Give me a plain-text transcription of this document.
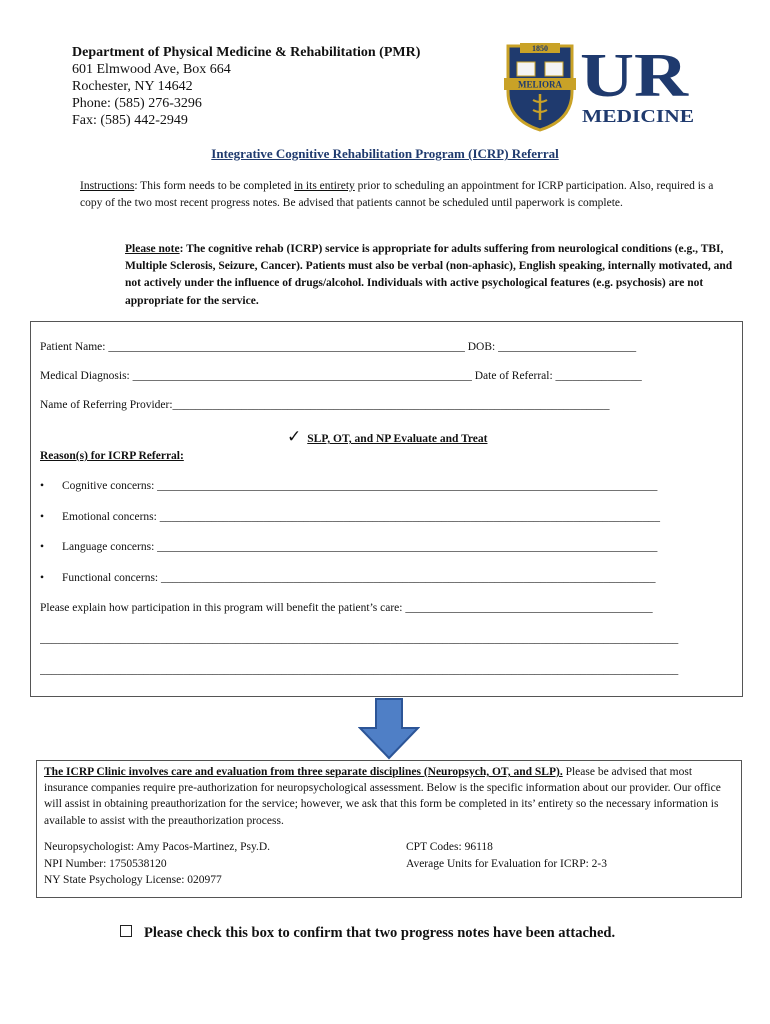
Department of Physical Medicine & Rehabilitation (PMR)
601 Elmwood Ave, Box 664
Rochester, NY 14642
Phone: (585) 276-3296
Fax: (585) 442-2949
1850
MELIORA UR
MEDICINE
Integrative Cognitive Rehabilitation Program (ICRP) Referral
Instructions: This form needs to be completed in its entirety prior to scheduling an appointment for ICRP participation. Also, required is a copy of the two most recent progress notes. Be advised that patients cannot be scheduled until paperwork is complete.
Please note: The cognitive rehab (ICRP) service is appropriate for adults suffering from neurological conditions (e.g., TBI, Multiple Sclerosis, Seizure, Cancer). Patients must also be verbal (non-aphasic), English speaking, internally motivated, and not actively under the influence of drugs/alcohol. Individuals with active psychological features (e.g. psychosis) are not appropriate for the service.
Patient Name: ______________________________________________________________ DOB: ________________________
Medical Diagnosis: ___________________________________________________________ Date of Referral: _______________
Name of Referring Provider:____________________________________________________________________________
✓ SLP, OT, and NP Evaluate and Treat
Reason(s) for ICRP Referral:
• Cognitive concerns: _______________________________________________________________________________________
• Emotional concerns: _______________________________________________________________________________________
• Language concerns: _______________________________________________________________________________________
• Functional concerns: ______________________________________________________________________________________
Please explain how participation in this program will benefit the patient’s care: ___________________________________________
_______________________________________________________________________________________________________________
_______________________________________________________________________________________________________________
The ICRP Clinic involves care and evaluation from three separate disciplines (Neuropsych, OT, and SLP). Please be advised that most insurance companies require pre-authorization for neuropsychological assessment. Below is the specific information about our provider. Our office will assist in obtaining preauthorization for the service; however, we ask that this form be completed in its’ entirety so the necessary information is available to assist with the preauthorization process.
Neuropsychologist: Amy Pacos-Martinez, Psy.D.
NPI Number: 1750538120
NY State Psychology License: 020977
CPT Codes: 96118
Average Units for Evaluation for ICRP: 2-3
Please check this box to confirm that two progress notes have been attached.
